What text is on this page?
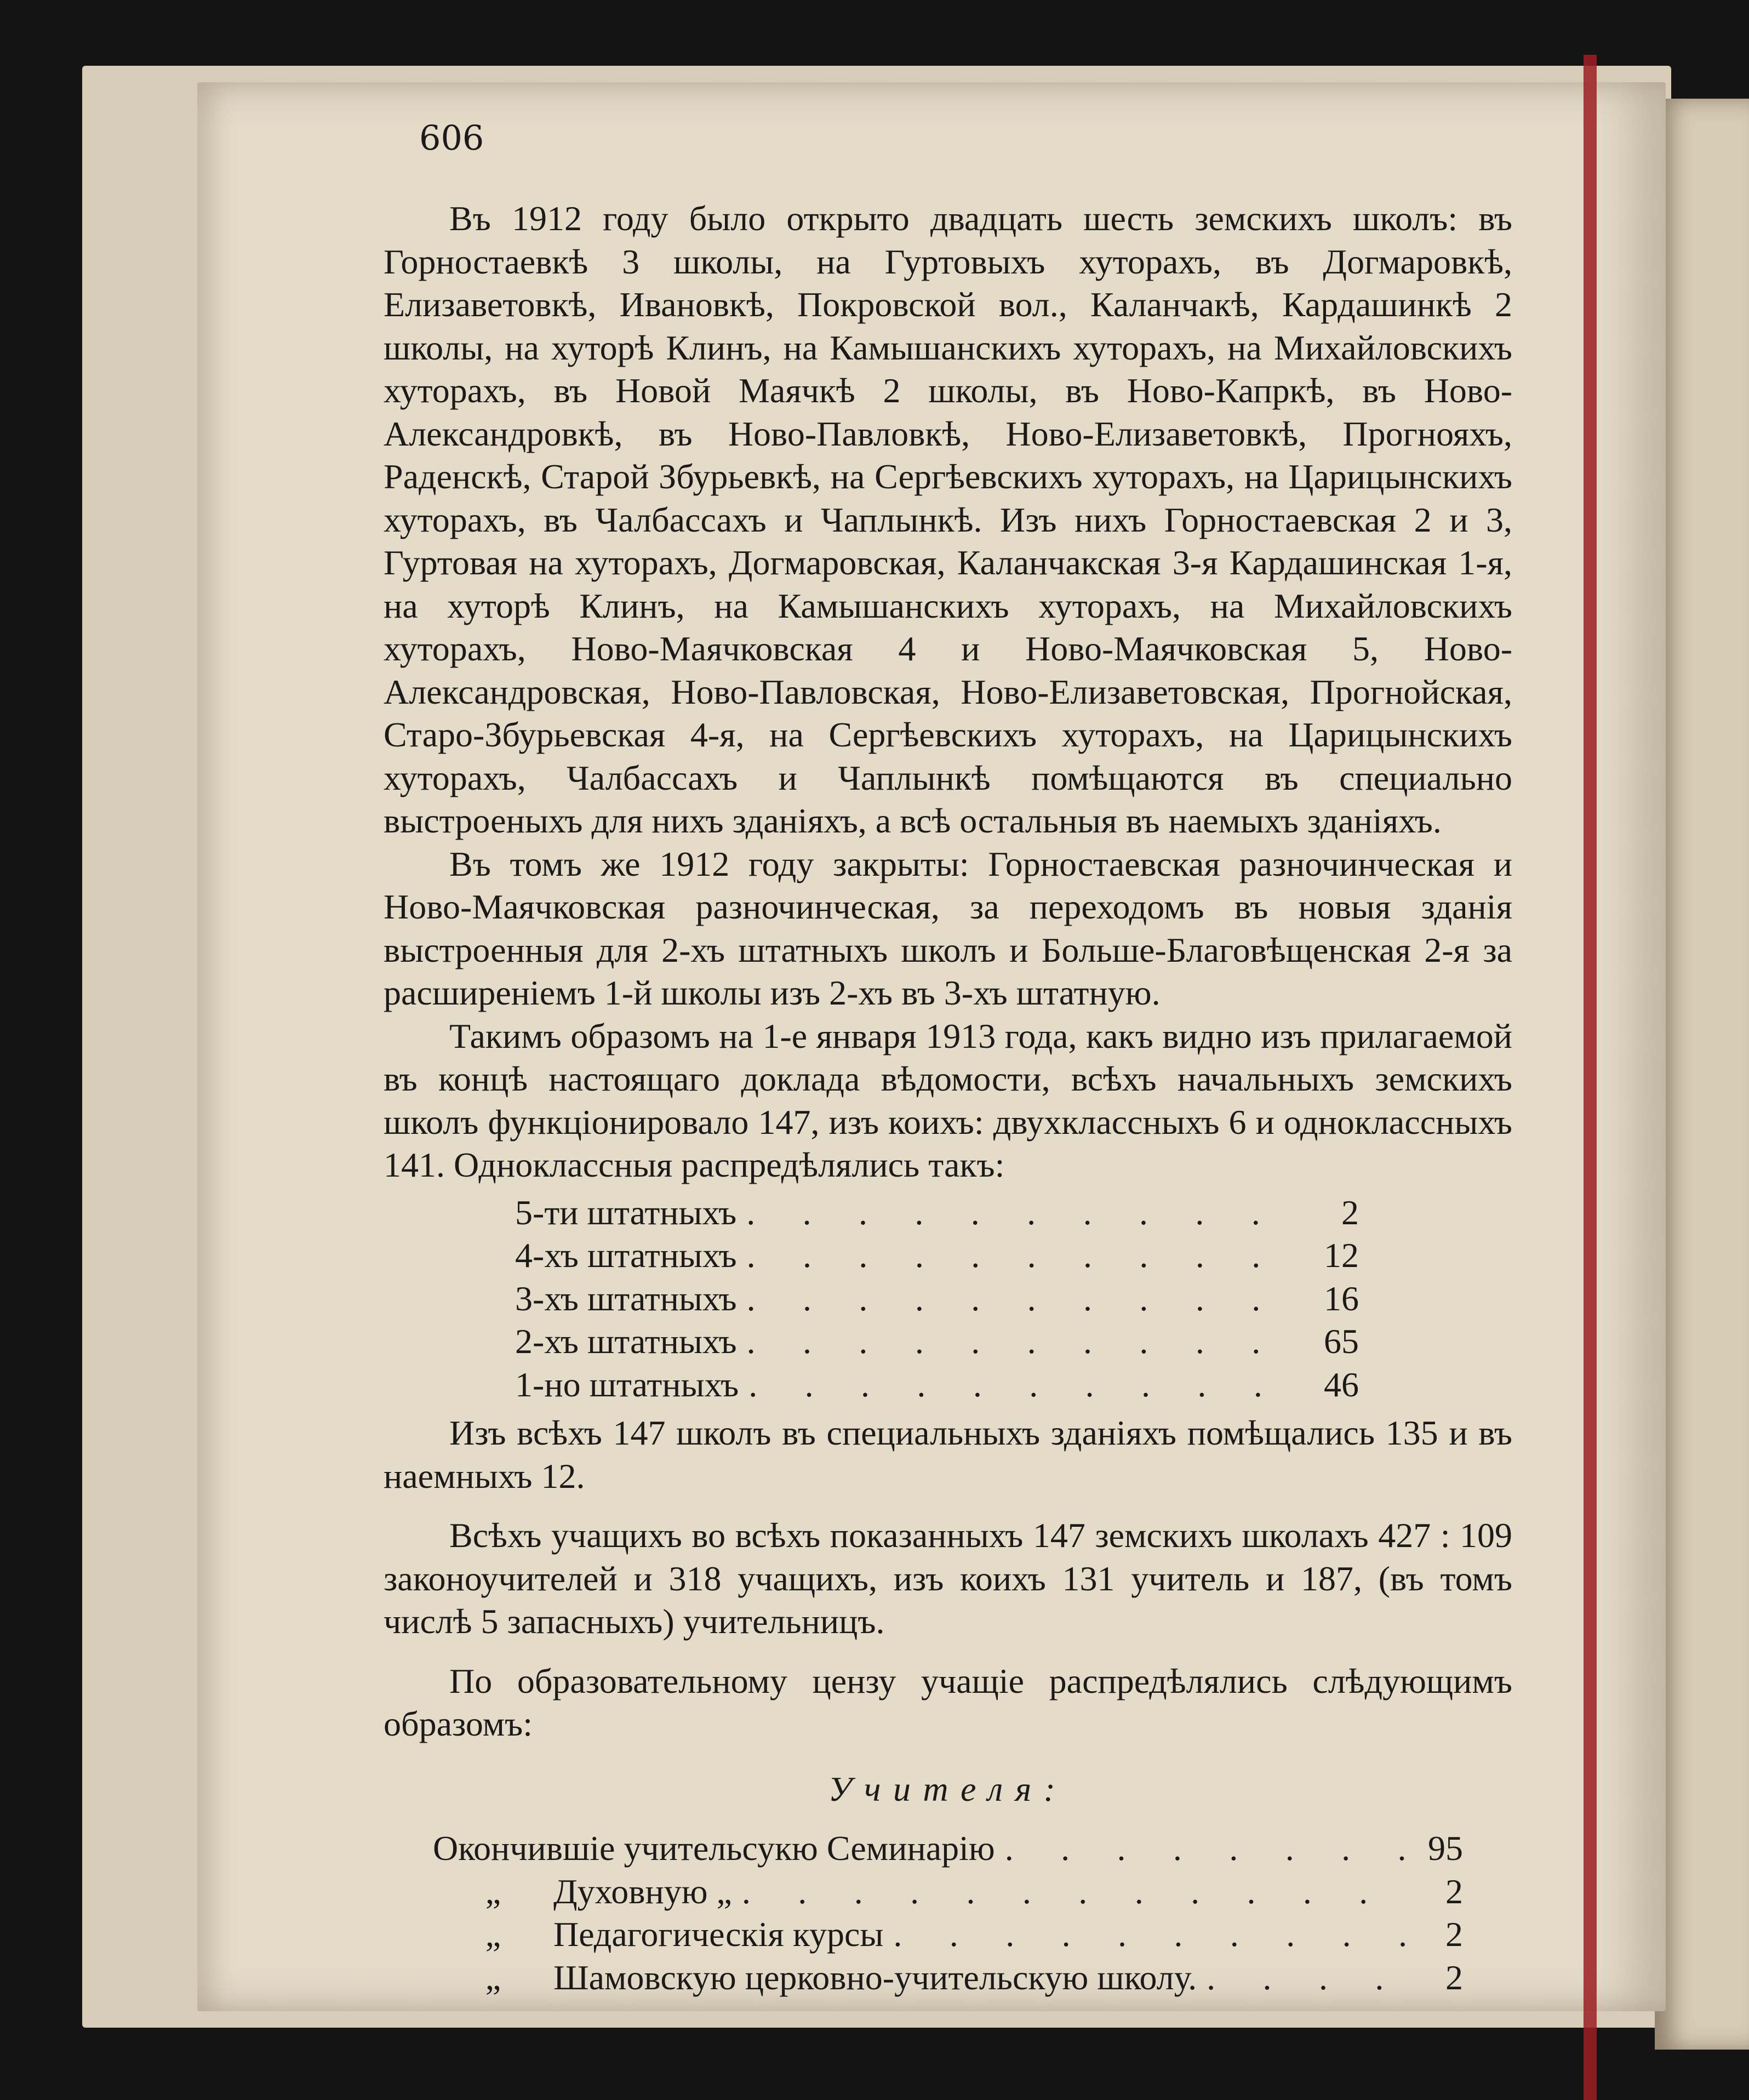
606

Въ 1912 году было открыто двадцать шесть земскихъ школъ: въ Горностаевкѣ 3 школы, на Гуртовыхъ хуторахъ, въ Догмаровкѣ, Елизаветовкѣ, Ивановкѣ, Покровской вол., Каланчакѣ, Кардашинкѣ 2 школы, на хуторѣ Клинъ, на Камышанскихъ хуторахъ, на Михайловскихъ хуторахъ, въ Новой Маячкѣ 2 школы, въ Ново-Капркѣ, въ Ново-Александровкѣ, въ Ново-Павловкѣ, Ново-Елизаветовкѣ, Прогнояхъ, Раденскѣ, Старой Збурьевкѣ, на Сергѣевскихъ хуторахъ, на Царицынскихъ хуторахъ, въ Чалбассахъ и Чаплынкѣ. Изъ нихъ Горностаевская 2 и 3, Гуртовая на хуторахъ, Догмаровская, Каланчакская 3-я Кардашинская 1-я, на хуторѣ Клинъ, на Камышанскихъ хуторахъ, на Михайловскихъ хуторахъ, Ново-Маячковская 4 и Ново-Маячковская 5, Ново-Александровская, Ново-Павловская, Ново-Елизаветовская, Прогнойская, Старо-Збурьевская 4-я, на Сергѣевскихъ хуторахъ, на Царицынскихъ хуторахъ, Чалбассахъ и Чаплынкѣ помѣщаются въ специально выстроеныхъ для нихъ зданіяхъ, а всѣ остальныя въ наемыхъ зданіяхъ.

Въ томъ же 1912 году закрыты: Горностаевская разночинческая и Ново-Маячковская разночинческая, за переходомъ въ новыя зданія выстроенныя для 2-хъ штатныхъ школъ и Больше-Благовѣщенская 2-я за расширеніемъ 1-й школы изъ 2-хъ въ 3-хъ штатную.

Такимъ образомъ на 1-е января 1913 года, какъ видно изъ прилагаемой въ концѣ настоящаго доклада вѣдомости, всѣхъ начальныхъ земскихъ школъ функціонировало 147, изъ коихъ: двухклассныхъ 6 и одноклассныхъ 141. Одноклассныя распредѣлялись такъ:

5-ти штатныхъ . . .	2
4-хъ штатныхъ . . .	12
3-хъ штатныхъ . . .	16
2-хъ штатныхъ . . .	65
1-но штатныхъ . . .	46

Изъ всѣхъ 147 школъ въ специальныхъ зданіяхъ помѣщались 135 и въ наемныхъ 12.

Всѣхъ учащихъ во всѣхъ показанныхъ 147 земскихъ школахъ 427 : 109 законоучителей и 318 учащихъ, изъ коихъ 131 учитель и 187, (въ томъ числѣ 5 запасныхъ) учительницъ.

По образовательному цензу учащіе распредѣлялись слѣдующимъ образомъ:

Учителя:
Окончившіе учительсукю Семинарію . . .	95
„ Духовную „ . . .	2
„ Педагогическія курсы . . .	2
„ Шамовскую церковно-учительскую школу. . . .	2
